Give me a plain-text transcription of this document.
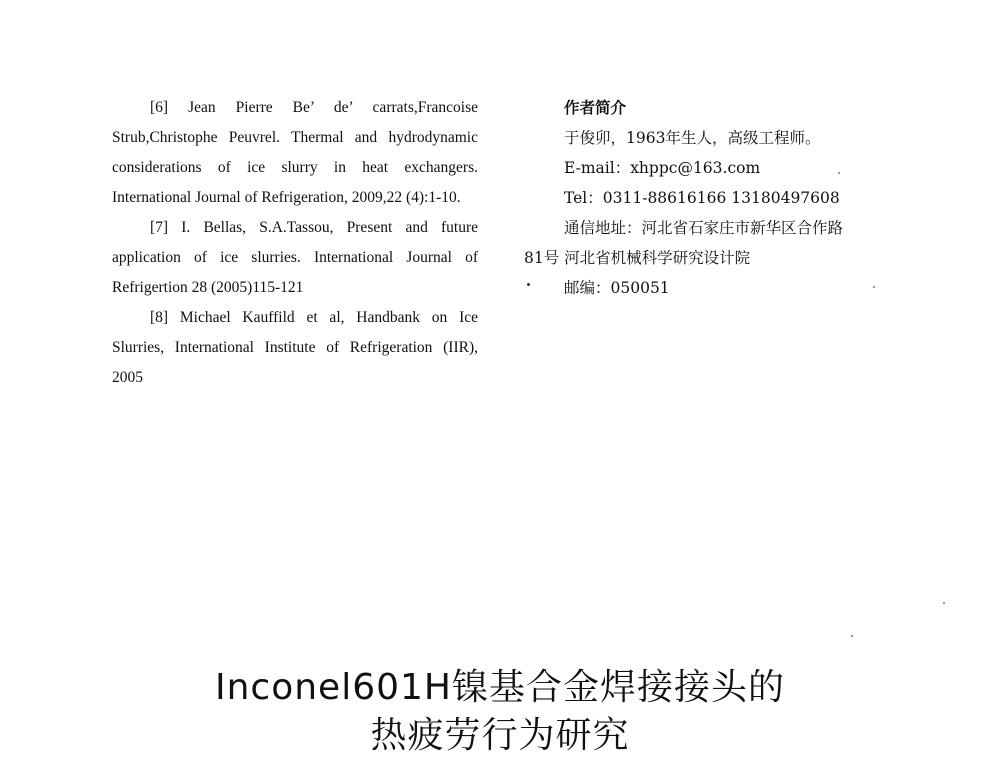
[6] Jean Pierre Be’ de’ carrats,Francoise Strub,Christophe Peuvrel. Thermal and hydrodynamic considerations of ice slurry in heat exchangers. International Journal of Refrigeration, 2009,22 (4):1-10.

[7] I. Bellas, S.A.Tassou, Present and future application of ice slurries. International Journal of Refrigertion 28 (2005)115-121

[8] Michael Kauffild et al, Handbank on Ice Slurries, International Institute of Refrigeration (IIR), 2005

作者简介
于俊卯，1963年生人，高级工程师。
E-mail：xhppc@163.com
Tel：0311-88616166 13180497608
通信地址：河北省石家庄市新华区合作路
81号 河北省机械科学研究设计院
邮编：050051
Inconel601H镍基合金焊接接头的
热疲劳行为研究
